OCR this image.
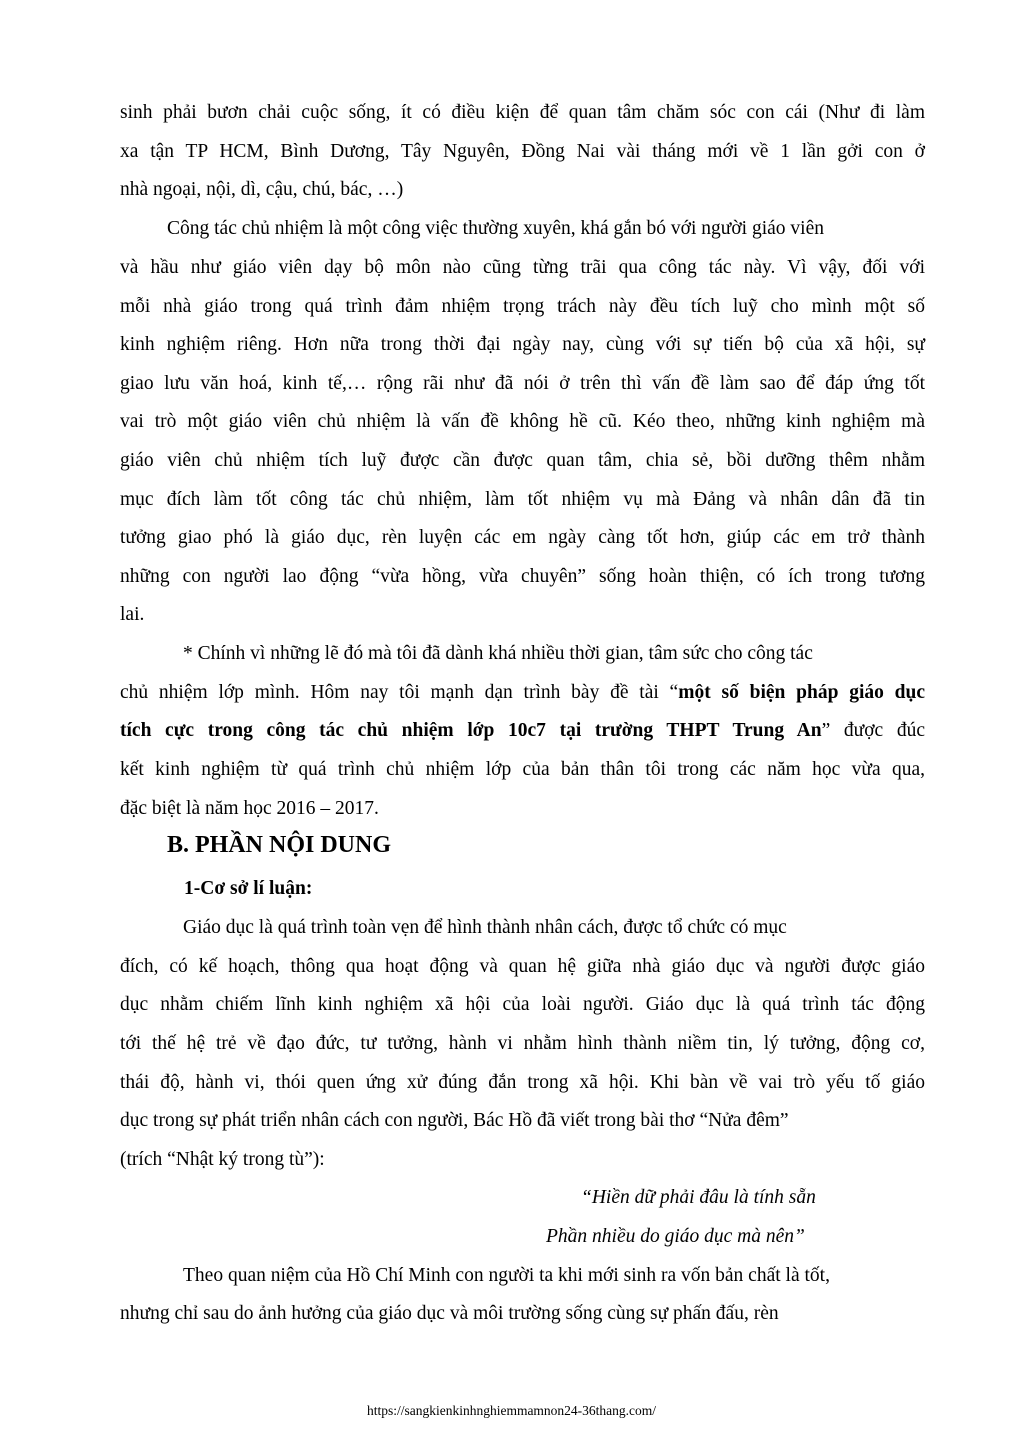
sinh phải bươn chải cuộc sống, ít có điều kiện để quan tâm chăm sóc con cái (Như đi làm
xa tận TP HCM, Bình Dương, Tây Nguyên, Đồng Nai vài tháng mới về 1 lần gởi con ở
nhà ngoại, nội, dì, cậu, chú, bác, …)
Công tác chủ nhiệm là một công việc thường xuyên, khá gắn bó với người giáo viên
và hầu như giáo viên dạy bộ môn nào cũng từng trãi qua công tác này. Vì vậy, đối với
mỗi nhà giáo trong quá trình đảm nhiệm trọng trách này đều tích luỹ cho mình một số
kinh nghiệm riêng. Hơn nữa trong thời đại ngày nay, cùng với sự tiến bộ của xã hội, sự
giao lưu văn hoá, kinh tế,… rộng rãi như đã nói ở trên thì vấn đề làm sao để đáp ứng tốt
vai trò một giáo viên chủ nhiệm là vấn đề không hề cũ. Kéo theo, những kinh nghiệm mà
giáo viên chủ nhiệm tích luỹ được cần được quan tâm, chia sẻ, bồi dưỡng thêm nhằm
mục đích làm tốt công tác chủ nhiệm, làm tốt nhiệm vụ mà Đảng và nhân dân đã tin
tưởng giao phó là giáo dục, rèn luyện các em ngày càng tốt hơn, giúp các em trở thành
những con người lao động “vừa hồng, vừa chuyên” sống hoàn thiện, có ích trong tương
lai.
* Chính vì những lẽ đó mà tôi đã dành khá nhiều thời gian, tâm sức cho công tác
chủ nhiệm lớp mình. Hôm nay tôi mạnh dạn trình bày đề tài “một số biện pháp giáo dục
tích cực trong công tác chủ nhiệm lớp 10c7 tại trường THPT Trung An” được đúc
kết kinh nghiệm từ quá trình chủ nhiệm lớp của bản thân tôi trong các năm học vừa qua,
đặc biệt là năm học 2016 – 2017.
B. PHẦN NỘI DUNG
1-Cơ sở lí luận:
Giáo dục là quá trình toàn vẹn để hình thành nhân cách, được tổ chức có mục
đích, có kế hoạch, thông qua hoạt động và quan hệ giữa nhà giáo dục và người được giáo
dục nhằm chiếm lĩnh kinh nghiệm xã hội của loài người. Giáo dục là quá trình tác động
tới thế hệ trẻ về đạo đức, tư tưởng, hành vi nhằm hình thành niềm tin, lý tưởng, động cơ,
thái độ, hành vi, thói quen ứng xử đúng đắn trong xã hội. Khi bàn về vai trò yếu tố giáo
dục trong sự phát triển nhân cách con người, Bác Hồ đã viết trong bài thơ “Nửa đêm”
(trích “Nhật ký trong tù”):
“Hiền dữ phải đâu là tính sẵn
Phần nhiều do giáo dục mà nên”
Theo quan niệm của Hồ Chí Minh con người ta khi mới sinh ra vốn bản chất là tốt,
nhưng chỉ sau do ảnh hưởng của giáo dục và môi trường sống cùng sự phấn đấu, rèn
https://sangkienkinhnghiemmamnon24-36thang.com/
